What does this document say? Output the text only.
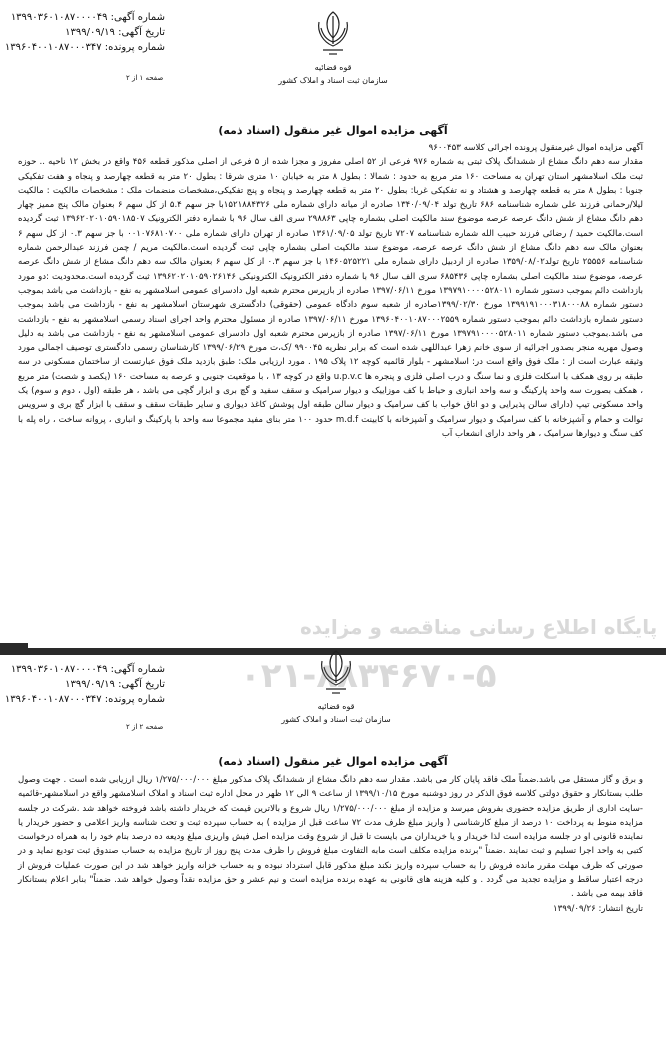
شماره آگهی: ۱۳۹۹۰۳۶۰۱۰۸۷۰۰۰۰۴۹
تاریخ آگهی: ۱۳۹۹/۰۹/۱۹
شماره پرونده: ۱۳۹۶۰۴۰۰۱۰۸۷۰۰۰۳۴۷
قوه قضائیه
سازمان ثبت اسناد و املاک کشور
صفحه ۱ از ۲
آگهی مزایده اموال غیر منقول (اسناد ذمه)

آگهی مزایده اموال غیرمنقول پرونده اجرائی کلاسه ۹۶۰۰۴۵۳

مقدار سه دهم دانگ مشاع از ششدانگ پلاک ثبتی به شماره ۹۷۶ فرعی از ۵۲ اصلی مفروز و مجزا شده از ۵ فرعی از اصلی مذکور قطعه ۴۵۶ واقع در بخش ۱۲ ناحیه .. حوزه ثبت ملک اسلامشهر استان تهران به مساحت ۱۶۰ متر مربع به حدود : شمالا : بطول ۸ متر به خیابان ۱۰ متری شرقا : بطول ۲۰ متر به قطعه چهارصد و پنجاه و هفت تفکیکی جنوبا : بطول ۸ متر به قطعه چهارصد و هشتاد و نه تفکیکی غربا: بطول ۲۰ متر به قطعه چهارصد و پنجاه و پنج تفکیکی،مشخصات منضمات ملک : مشخصات مالکیت : مالکیت لیلا/رحمانی فرزند علی شماره شناسنامه ۶۸۶ تاریخ تولد ۱۳۴۰/۰۹/۰۴ صادره از میانه دارای شماره ملی ۱۵۲۱۸۸۴۳۲۶با جز سهم ۵.۴ از کل سهم ۶ بعنوان مالک پنج ممیز چهار دهم دانگ مشاع از شش دانگ عرصه عرصه موضوع سند مالکیت اصلی بشماره چاپی ۲۹۸۸۶۳ سری الف سال ۹۶ با شماره دفتر الکترونیک ۱۳۹۶۲۰۲۰۱۰۵۹۰۱۸۵۰۷ ثبت گردیده است.مالکیت حمید / رضائی فرزند حبیب الله شماره شناسنامه ۷۲۰۷ تاریخ تولد ۱۳۶۱/۰۹/۰۵ صادره از تهران دارای شماره ملی ۰۰۱۰۷۶۸۱۰۷۰۰ با جز سهم ۰.۳ از کل سهم ۶ بعنوان مالک سه دهم دانگ مشاع از شش دانگ عرصه عرصه، موضوع سند مالکیت اصلی بشماره چاپی ثبت گردیده است.مالکیت مریم / چمن فرزند عبدالرحمن شماره شناسنامه ۲۵۵۵۶ تاریخ تولد۱۳۵۹/۰۸/۰۲ صادره از اردبیل دارای شماره ملی ۱۴۶۰۵۲۵۲۲۱ با جز سهم ۰.۳ از کل سهم ۶ بعنوان مالک سه دهم دانگ مشاع از شش دانگ عرصه عرصه، موضوع سند مالکیت اصلی بشماره چاپی ۶۸۵۴۳۶ سری الف سال ۹۶ با شماره دفتر الکترونیک الکترونیکی ۱۳۹۶۲۰۲۰۱۰۵۹۰۲۶۱۴۶ ثبت گردیده است.محدودیت :دو مورد بازداشت دائم بموجب دستور شماره ۱۳۹۷۹۱۰۰۰۰۵۲۸۰۱۱ مورخ ۱۳۹۷/۰۶/۱۱ صادره از بازپرس محترم شعبه اول دادسرای عمومی اسلامشهر به نفع - بازداشت می باشد بموجب دستور شماره ۱۳۹۹۱۹۱۰۰۰۳۱۸۰۰۰۸۸ مورخ ۱۳۹۹/۰۲/۳۰صادره از شعبه سوم دادگاه عمومی (حقوقی) دادگستری شهرستان اسلامشهر به نفع - بازداشت می باشد بموجب دستور شماره بازداشت دائم بموجب دستور شماره ۱۳۹۶۰۴۰۰۱۰۸۷۰۰۰۲۵۵۹ مورخ ۱۳۹۷/۰۶/۱۱ صادره از مسئول محترم واحد اجرای اسناد رسمی اسلامشهر به نفع - بازداشت می باشد.بموجب دستور شماره ۱۳۹۷۹۱۰۰۰۰۵۲۸۰۱۱ مورخ ۱۳۹۷/۰۶/۱۱ صادره از بازپرس محترم شعبه اول دادسرای عمومی اسلامشهر به نفع - بازداشت می باشد به دلیل وصول مهریه منجر بصدور اجرائیه از سوی خانم زهرا عبداللهی شده است که برابر نظریه ۹۹۰۰۴۵ /ک،ت مورخ ۱۳۹۹/۰۶/۲۹ کارشناسان رسمی دادگستری توصیف اجمالی مورد وثیقه عبارت است از : ملک فوق واقع است در: اسلامشهر - بلوار قائمیه کوچه ۱۲ پلاک ۱۹۵ . مورد ارزیابی ملک: طبق بازدید ملک فوق عبارتست از ساختمان مسکونی در سه طبقه بر روی همکف با اسکلت فلزی و نما سنگ و درب اصلی فلزی و پنجره ها u.p.v.c واقع در کوچه ۱۳ ، با موقعیت جنوبی و عرصه به مساحت ۱۶۰ (یکصد و شصت) متر مربع ، همکف بصورت سه واحد پارکینگ و سه واحد انباری و حیاط با کف موزاییک و دیوار سرامیک و سقف سفید و گچ بری و ابزار گچی می باشد ، هر طبقه (اول ، دوم و سوم) یک واحد مسکونی تیپ (دارای سالن پذیرایی و دو اتاق خواب با کف سرامیک و دیوار سالن طبقه اول پوشش کاغذ دیواری و سایر طبقات سقف و سقف با ابزار گچ بری و سرویس توالت و حمام و آشپزخانه با کف سرامیک و دیوار سرامیک و آشپزخانه با کابینت m.d.f حدود ۱۰۰ متر بنای مفید مجموعا سه واحد با پارکینگ و انباری ، پروانه ساخت ، راه پله با کف سنگ و دیوارها سرامیک ، هر واحد دارای انشعاب آب

پایگاه اطلاع رسانی مناقصه و مزایده
شماره آگهی: ۱۳۹۹۰۳۶۰۱۰۸۷۰۰۰۰۴۹
تاریخ آگهی: ۱۳۹۹/۰۹/۱۹
شماره پرونده: ۱۳۹۶۰۴۰۰۱۰۸۷۰۰۰۳۴۷
قوه قضائیه
سازمان ثبت اسناد و املاک کشور
صفحه ۲ از ۲
آگهی مزایده اموال غیر منقول (اسناد ذمه)

و برق و گاز مستقل می باشد.ضمناً ملک فاقد پایان کار می باشد. مقدار سه دهم دانگ مشاع از ششدانگ پلاک مذکور مبلغ ۱/۲۷۵/۰۰۰/۰۰۰ ریال ارزیابی شده است . جهت وصول طلب بستانکار و حقوق دولتی کلاسه فوق الذکر در روز دوشنبه مورخ ۱۳۹۹/۱۰/۱۵ از ساعت ۹ الی ۱۲ ظهر در محل اداره ثبت اسناد و املاک اسلامشهر واقع در اسلامشهر-قائمیه -سایت اداری از طریق مزایده حضوری بفروش میرسد و مزایده از مبلغ ۱/۲۷۵/۰۰۰/۰۰۰ ریال شروع و بالاترین قیمت که خریدار داشته باشد فروخته خواهد شد .شرکت در جلسه مزایده منوط به پرداخت ۱۰ درصد از مبلغ کارشناسی ( واریز مبلغ ظرف مدت ۷۲ ساعت قبل از مزایده ) به حساب سپرده ثبت و تحت شناسه واریز اعلامی و حضور خریدار یا نماینده قانونی او در جلسه مزایده است لذا خریدار و یا خریداران می بایست تا قبل از شروع وقت مزایده اصل فیش واریزی مبلغ ودیعه ده درصد بنام خود را به همراه درخواست کتبی به واحد اجرا تسلیم و ثبت نمایند .ضمناً "برنده مزایده مکلف است مابه التفاوت مبلغ فروش را ظرف مدت پنج روز از تاریخ مزایده به حساب صندوق ثبت تودیع نماید و در صورتی که ظرف مهلت مقرر مانده فروش را به حساب سپرده واریز نکند مبلغ مذکور قابل استرداد نبوده و به حساب خزانه واریز خواهد شد در این صورت عملیات فروش از درجه اعتبار ساقط و مزایده تجدید می گردد . و کلیه هزینه های قانونی به عهده برنده مزایده است و نیم عشر و حق مزایده نقداً وصول خواهد شد. ضمناً" بنابر اعلام بستانکار فاقد بیمه می باشد .

تاریخ انتشار: ۱۳۹۹/۰۹/۲۶

۰۲۱-۸۸۳۴۶۷۰-۵
